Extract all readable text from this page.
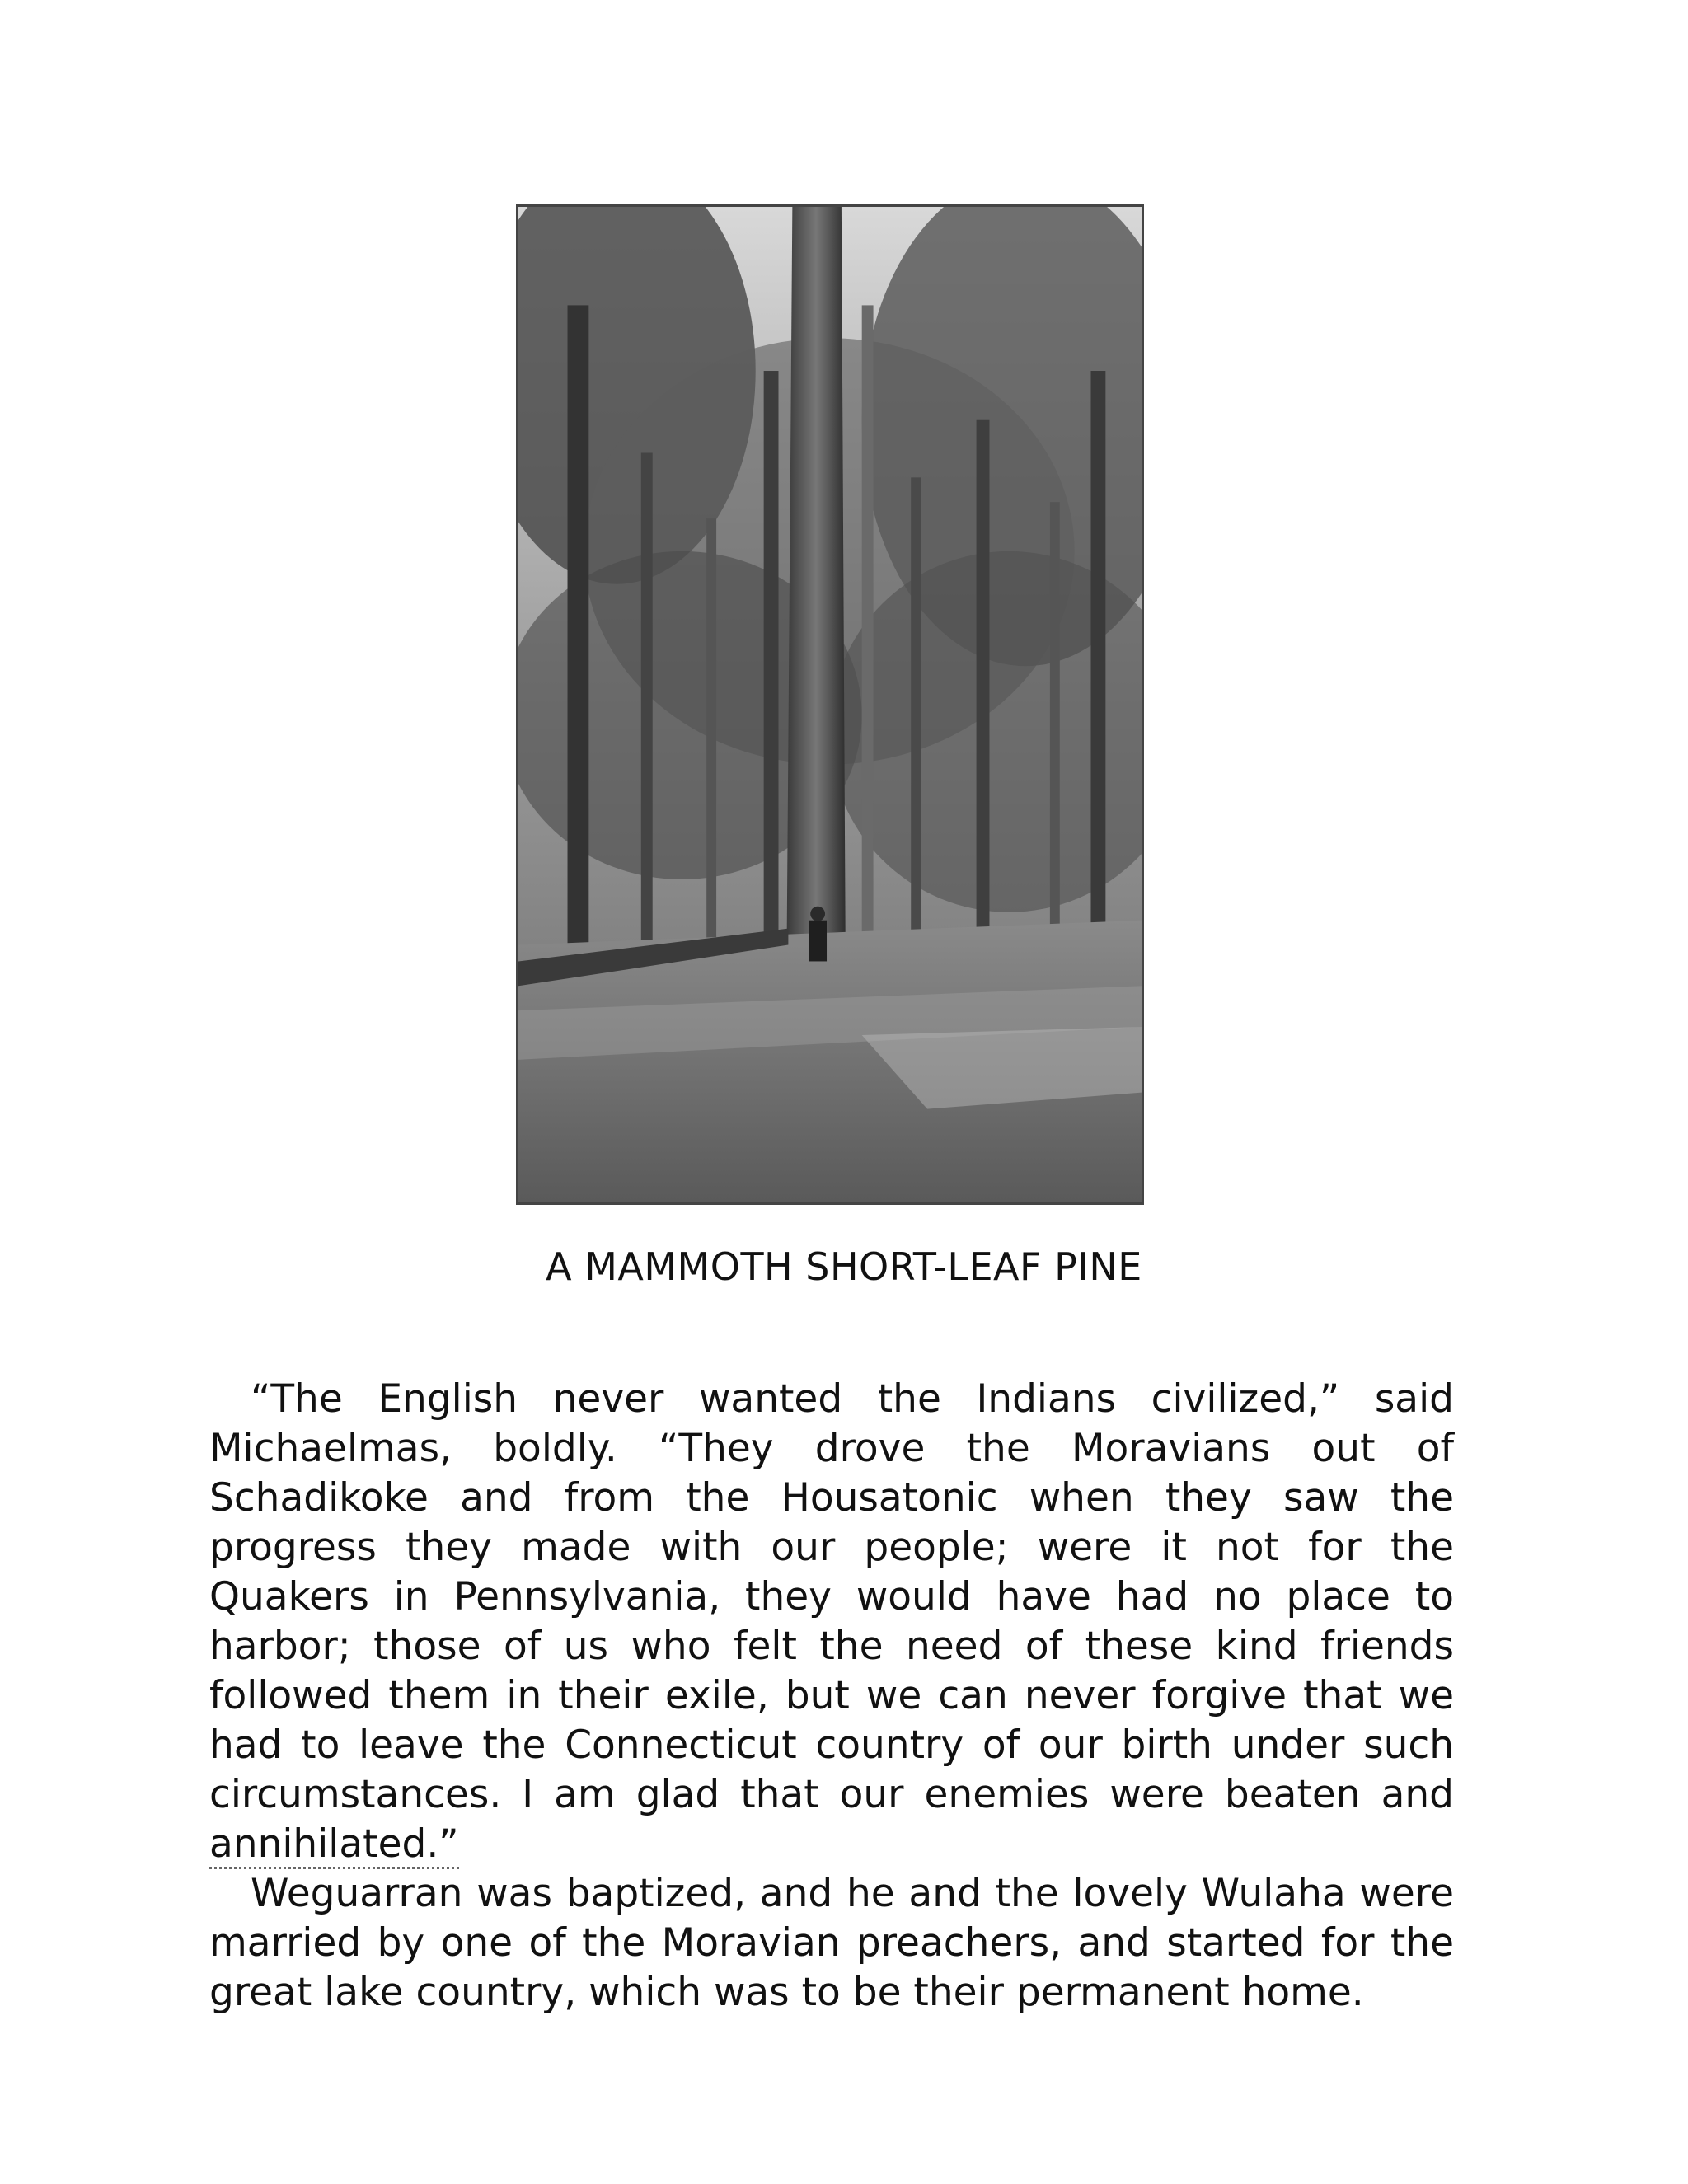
A MAMMOTH SHORT-LEAF PINE

“The English never wanted the Indians civilized,” said Michaelmas, boldly. “They drove the Moravians out of Schadikoke and from the Housatonic when they saw the progress they made with our people; were it not for the Quakers in Pennsylvania, they would have had no place to harbor; those of us who felt the need of these kind friends followed them in their exile, but we can never forgive that we had to leave the Connecticut country of our birth under such circumstances. I am glad that our enemies were beaten and annihilated.”

Weguarran was baptized, and he and the lovely Wulaha were married by one of the Moravian preachers, and started for the great lake country, which was to be their permanent home.
